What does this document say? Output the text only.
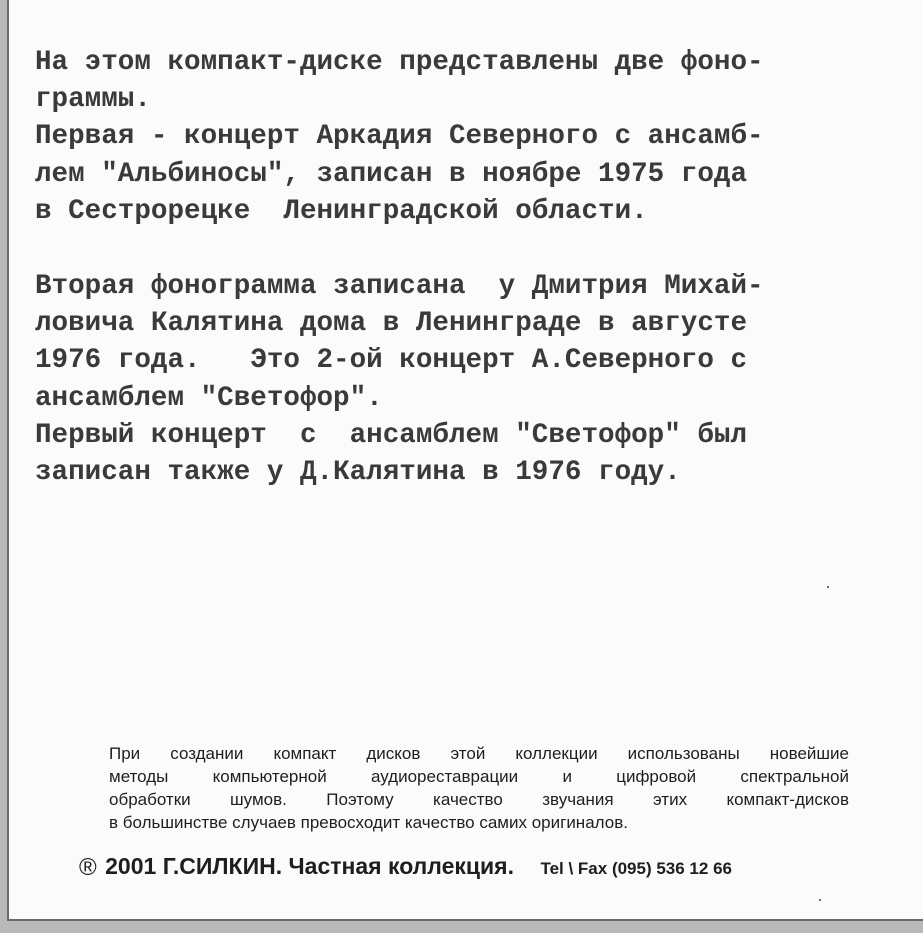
На этом компакт-диске представлены две фоно-
граммы.
Первая - концерт Аркадия Северного с ансамб-
лем "Альбиносы", записан в ноябре 1975 года
в Сестрорецке  Ленинградской области.
Вторая фонограмма записана  у Дмитрия Михай-
ловича Калятина дома в Ленинграде в августе
1976 года.   Это 2-ой концерт А.Северного с
ансамблем "Светофор".
Первый концерт  с  ансамблем "Светофор" был
записан также у Д.Калятина в 1976 году.
При создании компакт дисков этой коллекции использованы новейшие
методы компьютерной аудиореставрации и цифровой спектральной
обработки шумов. Поэтому качество звучания этих компакт-дисков
в большинстве случаев превосходит качество самих оригиналов.
® 2001 Г.СИЛКИН. Частная коллекция. Tel \ Fax (095) 536 12 66
